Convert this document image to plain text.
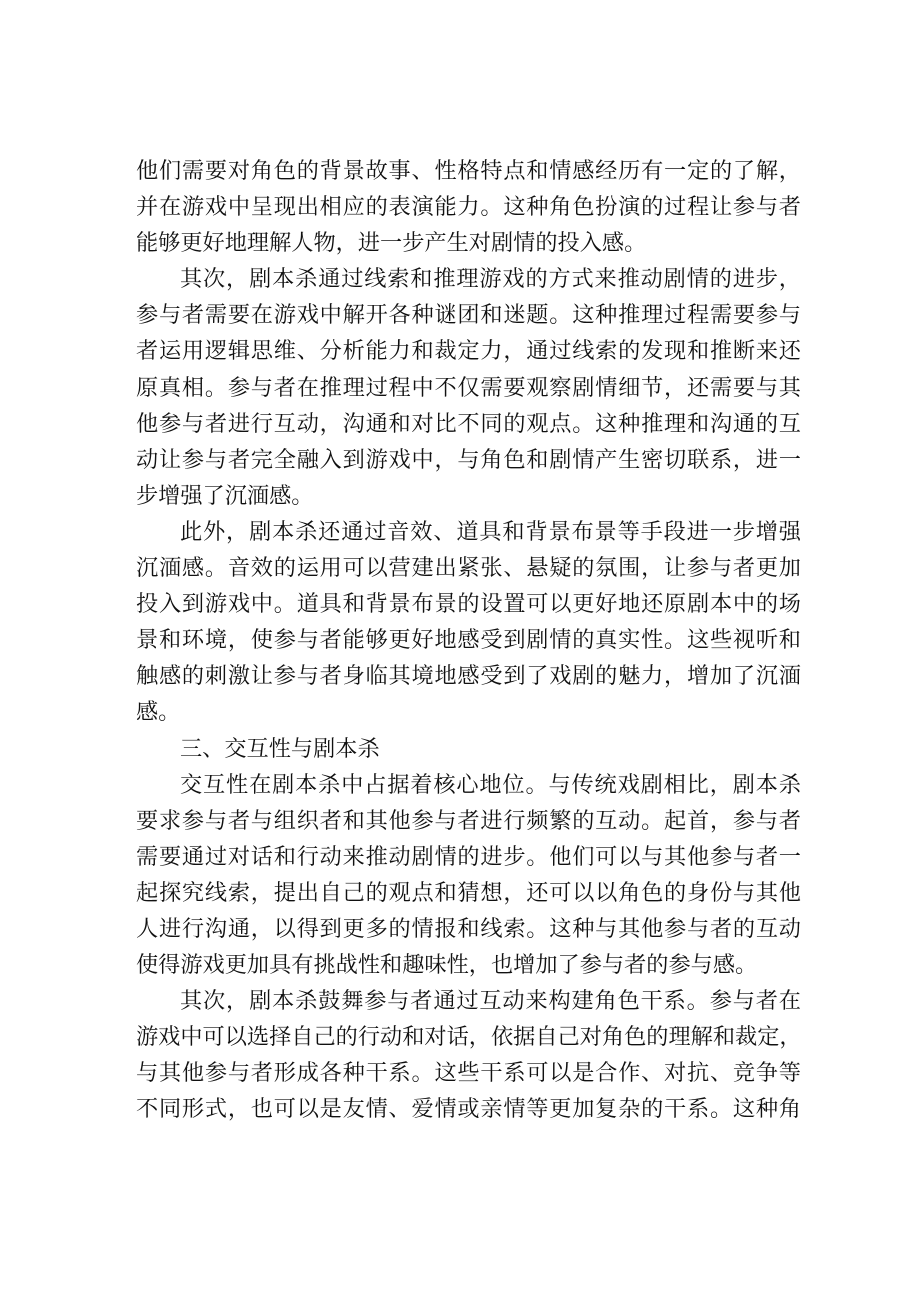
他们需要对角色的背景故事、性格特点和情感经历有一定的了解，
并在游戏中呈现出相应的表演能力。这种角色扮演的过程让参与者
能够更好地理解人物，进一步产生对剧情的投入感。
其次，剧本杀通过线索和推理游戏的方式来推动剧情的进步，
参与者需要在游戏中解开各种谜团和迷题。这种推理过程需要参与
者运用逻辑思维、分析能力和裁定力，通过线索的发现和推断来还
原真相。参与者在推理过程中不仅需要观察剧情细节，还需要与其
他参与者进行互动，沟通和对比不同的观点。这种推理和沟通的互
动让参与者完全融入到游戏中，与角色和剧情产生密切联系，进一
步增强了沉湎感。
此外，剧本杀还通过音效、道具和背景布景等手段进一步增强
沉湎感。音效的运用可以营建出紧张、悬疑的氛围，让参与者更加
投入到游戏中。道具和背景布景的设置可以更好地还原剧本中的场
景和环境，使参与者能够更好地感受到剧情的真实性。这些视听和
触感的刺激让参与者身临其境地感受到了戏剧的魅力，增加了沉湎
感。
三、交互性与剧本杀
交互性在剧本杀中占据着核心地位。与传统戏剧相比，剧本杀
要求参与者与组织者和其他参与者进行频繁的互动。起首，参与者
需要通过对话和行动来推动剧情的进步。他们可以与其他参与者一
起探究线索，提出自己的观点和猜想，还可以以角色的身份与其他
人进行沟通，以得到更多的情报和线索。这种与其他参与者的互动
使得游戏更加具有挑战性和趣味性，也增加了参与者的参与感。
其次，剧本杀鼓舞参与者通过互动来构建角色干系。参与者在
游戏中可以选择自己的行动和对话，依据自己对角色的理解和裁定，
与其他参与者形成各种干系。这些干系可以是合作、对抗、竞争等
不同形式，也可以是友情、爱情或亲情等更加复杂的干系。这种角
